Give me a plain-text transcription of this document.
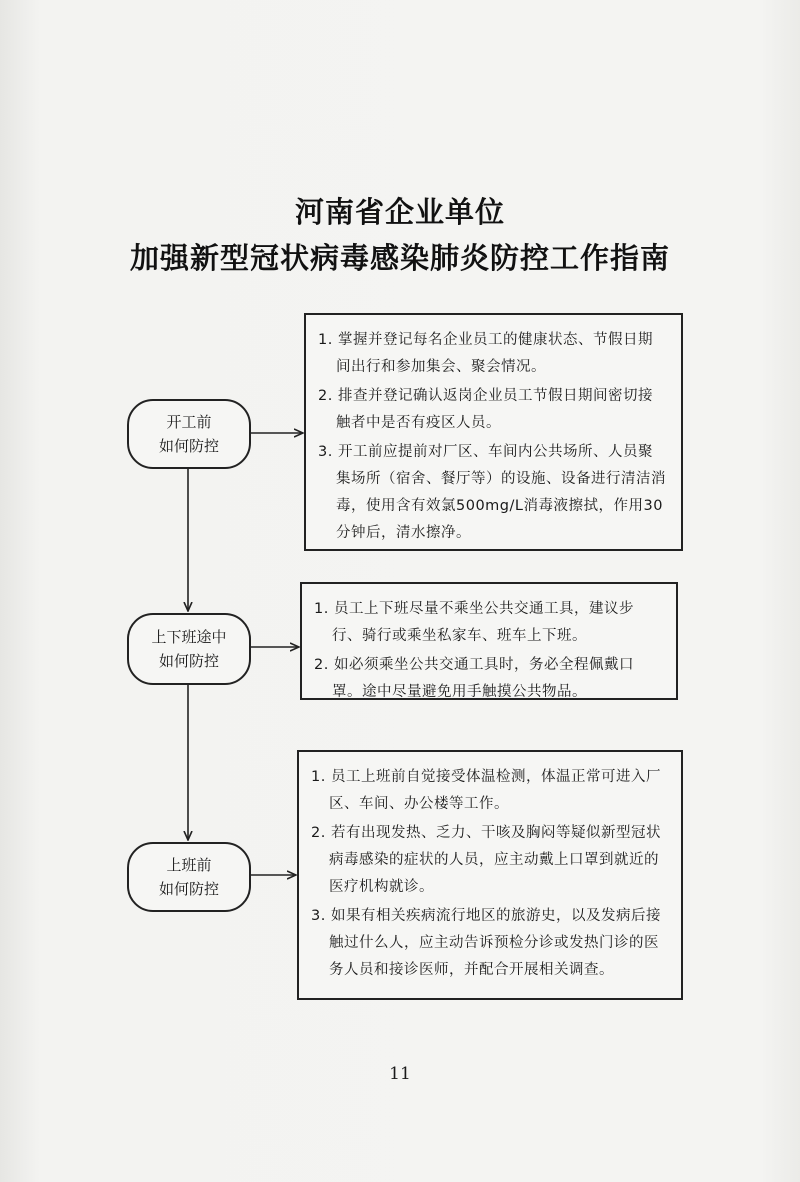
河南省企业单位
加强新型冠状病毒感染肺炎防控工作指南
开工前
如何防控

1. 掌握并登记每名企业员工的健康状态、节假日期间出行和参加集会、聚会情况。

2. 排查并登记确认返岗企业员工节假日期间密切接触者中是否有疫区人员。

3. 开工前应提前对厂区、车间内公共场所、人员聚集场所（宿舍、餐厅等）的设施、设备进行清洁消毒，使用含有效氯500mg/L消毒液擦拭，作用30分钟后，清水擦净。

上下班途中
如何防控

1. 员工上下班尽量不乘坐公共交通工具，建议步行、骑行或乘坐私家车、班车上下班。

2. 如必须乘坐公共交通工具时，务必全程佩戴口罩。途中尽量避免用手触摸公共物品。

上班前
如何防控

1. 员工上班前自觉接受体温检测，体温正常可进入厂区、车间、办公楼等工作。

2. 若有出现发热、乏力、干咳及胸闷等疑似新型冠状病毒感染的症状的人员，应主动戴上口罩到就近的医疗机构就诊。

3. 如果有相关疾病流行地区的旅游史，以及发病后接触过什么人，应主动告诉预检分诊或发热门诊的医务人员和接诊医师，并配合开展相关调查。

11
